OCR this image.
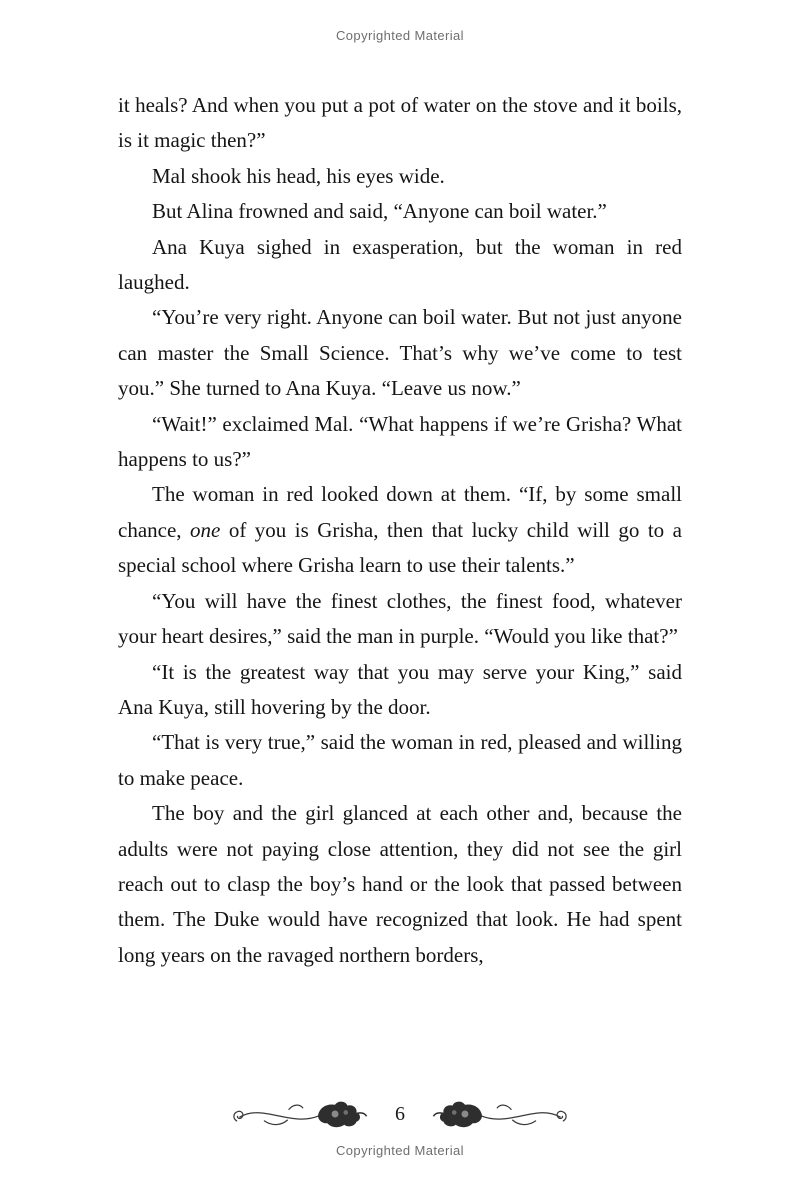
Copyrighted Material

it heals? And when you put a pot of water on the stove and it boils, is it magic then?”

Mal shook his head, his eyes wide.

But Alina frowned and said, “Anyone can boil water.”

Ana Kuya sighed in exasperation, but the woman in red laughed.

“You’re very right. Anyone can boil water. But not just anyone can master the Small Science. That’s why we’ve come to test you.” She turned to Ana Kuya. “Leave us now.”

“Wait!” exclaimed Mal. “What happens if we’re Grisha? What happens to us?”

The woman in red looked down at them. “If, by some small chance, one of you is Grisha, then that lucky child will go to a special school where Grisha learn to use their talents.”

“You will have the finest clothes, the finest food, whatever your heart desires,” said the man in purple. “Would you like that?”

“It is the greatest way that you may serve your King,” said Ana Kuya, still hovering by the door.

“That is very true,” said the woman in red, pleased and willing to make peace.

The boy and the girl glanced at each other and, because the adults were not paying close attention, they did not see the girl reach out to clasp the boy’s hand or the look that passed between them. The Duke would have recognized that look. He had spent long years on the ravaged northern borders,

6
Copyrighted Material
